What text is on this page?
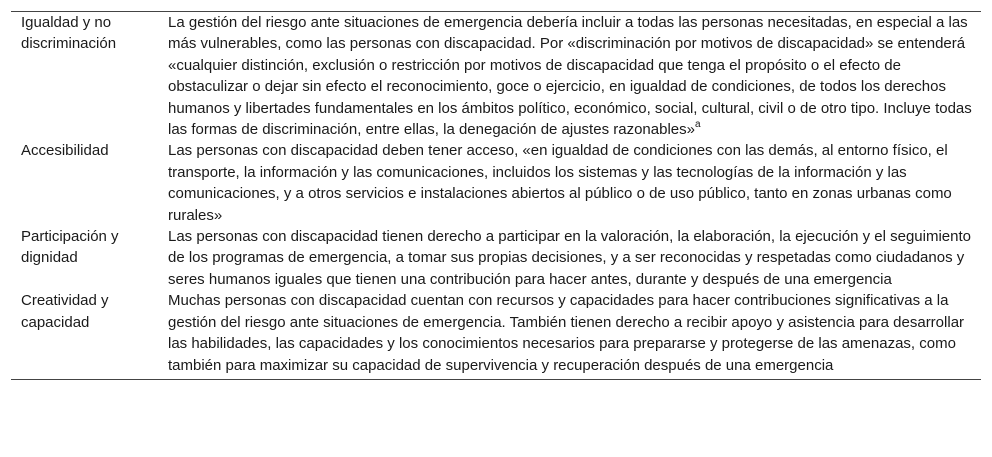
Igualdad y no discriminación	La gestión del riesgo ante situaciones de emergencia debería incluir a todas las personas necesitadas, en especial a las más vulnerables, como las personas con discapacidad. Por «discriminación por motivos de discapacidad» se entenderá «cualquier distinción, exclusión o restricción por motivos de discapacidad que tenga el propósito o el efecto de obstaculizar o dejar sin efecto el reconocimiento, goce o ejercicio, en igualdad de condiciones, de todos los derechos humanos y libertades fundamentales en los ámbitos político, económico, social, cultural, civil o de otro tipo. Incluye todas las formas de discriminación, entre ellas, la denegación de ajustes razonables»$^a$
Accesibilidad	Las personas con discapacidad deben tener acceso, «en igualdad de condiciones con las demás, al entorno físico, el transporte, la información y las comunicaciones, incluidos los sistemas y las tecnologías de la información y las comunicaciones, y a otros servicios e instalaciones abiertos al público o de uso público, tanto en zonas urbanas como rurales»
Participación y dignidad	Las personas con discapacidad tienen derecho a participar en la valoración, la elaboración, la ejecución y el seguimiento de los programas de emergencia, a tomar sus propias decisiones, y a ser reconocidas y respetadas como ciudadanos y seres humanos iguales que tienen una contribución para hacer antes, durante y después de una emergencia
Creatividad y capacidad	Muchas personas con discapacidad cuentan con recursos y capacidades para hacer contribuciones significativas a la gestión del riesgo ante situaciones de emergencia. También tienen derecho a recibir apoyo y asistencia para desarrollar las habilidades, las capacidades y los conocimientos necesarios para prepararse y protegerse de las amenazas, como también para maximizar su capacidad de supervivencia y recuperación después de una emergencia
